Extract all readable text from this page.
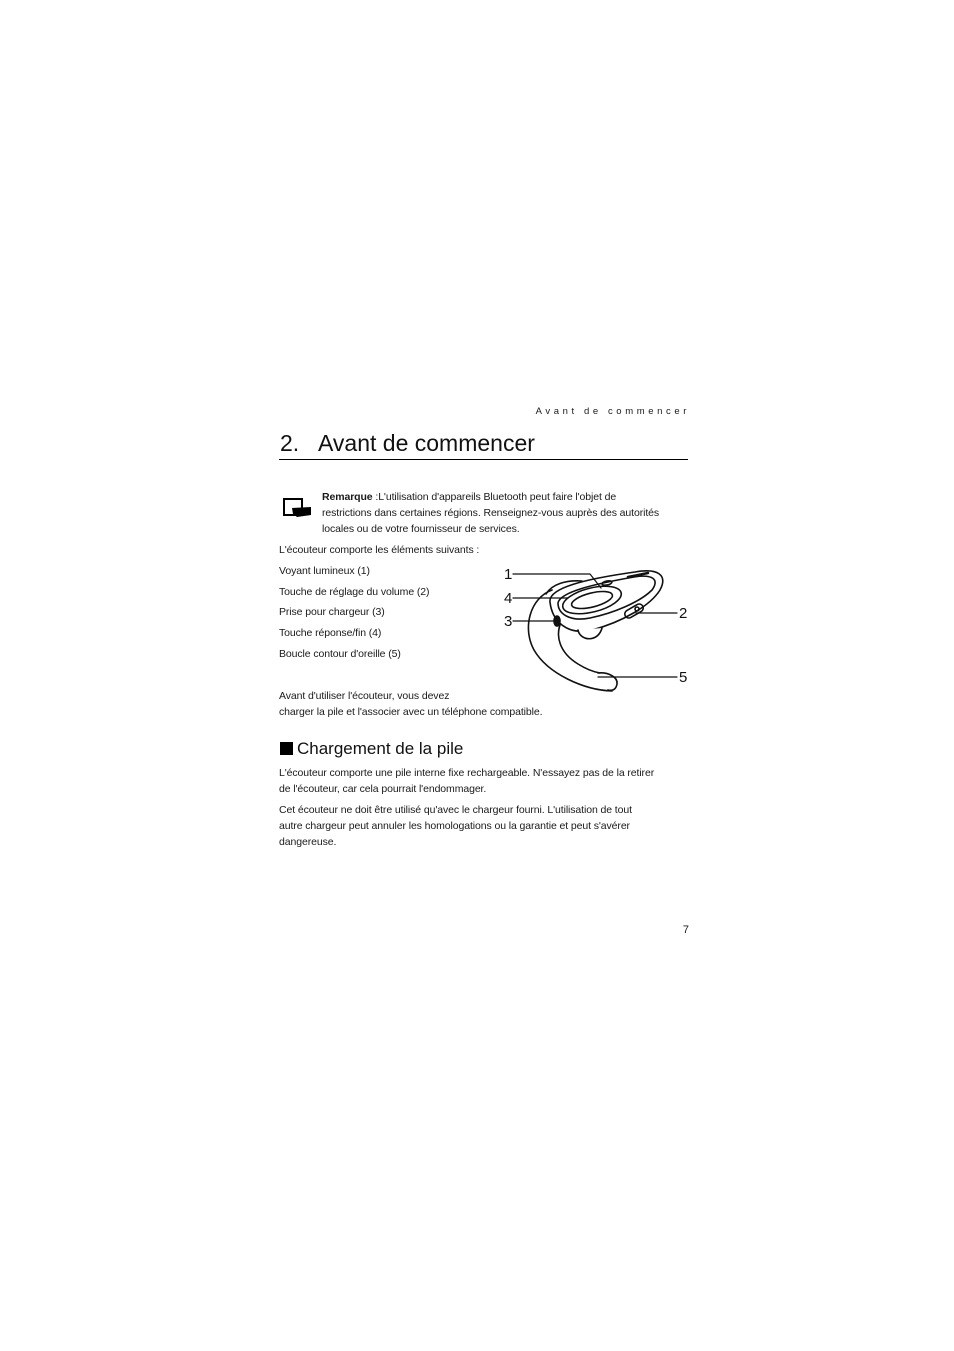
Avant de commencer
2. Avant de commencer
Remarque :L'utilisation d'appareils Bluetooth peut faire l'objet de
restrictions dans certaines régions. Renseignez-vous auprès des autorités
locales ou de votre fournisseur de services.
L'écouteur comporte les éléments suivants :
Voyant lumineux (1)
Touche de réglage du volume (2)
Prise pour chargeur (3)
Touche réponse/fin (4)
Boucle contour d'oreille (5)
1
4
3	2
5
Avant d'utiliser l'écouteur, vous devez
charger la pile et l'associer avec un téléphone compatible.
Chargement de la pile
L'écouteur comporte une pile interne fixe rechargeable. N'essayez pas de la retirer
de l'écouteur, car cela pourrait l'endommager.
Cet écouteur ne doit être utilisé qu'avec le chargeur fourni. L'utilisation de tout
autre chargeur peut annuler les homologations ou la garantie et peut s'avérer
dangereuse.
7
